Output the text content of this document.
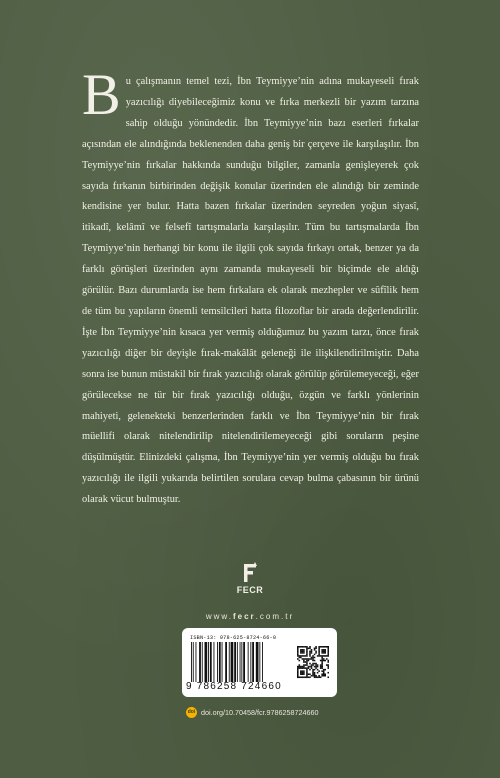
Bu çalışmanın temel tezi, İbn Teymiyye’nin adına mukayeseli fırak yazıcılığı diyebileceğimiz konu ve fırka merkezli bir yazım tarzına sahip olduğu yönündedir. İbn Teymiyye’nin bazı eserleri fırkalar açısından ele alındığında beklenenden daha geniş bir çerçeve ile karşılaşılır. İbn Teymiyye’nin fırkalar hakkında sunduğu bilgiler, zamanla genişleyerek çok sayıda fırkanın birbirinden değişik konular üzerinden ele alındığı bir zeminde kendisine yer bulur. Hatta bazen fırkalar üzerinden seyreden yoğun siyasî, itikadî, kelâmî ve felsefî tartışmalarla karşılaşılır. Tüm bu tartışmalarda İbn Teymiyye’nin herhangi bir konu ile ilgili çok sayıda fırkayı ortak, benzer ya da farklı görüşleri üzerinden aynı zamanda mukayeseli bir biçimde ele aldığı görülür. Bazı durumlarda ise hem fırkalara ek olarak mezhepler ve sûfîlik hem de tüm bu yapıların önemli temsilcileri hatta filozoflar bir arada değerlendirilir. İşte İbn Teymiyye’nin kısaca yer vermiş olduğumuz bu yazım tarzı, önce fırak yazıcılığı diğer bir deyişle fırak-makâlât geleneği ile ilişkilendirilmiştir. Daha sonra ise bunun müstakil bir fırak yazıcılığı olarak görülüp görülemeyeceği, eğer görülecekse ne tür bir fırak yazıcılığı olduğu, özgün ve farklı yönlerinin mahiyeti, gelenekteki benzerlerinden farklı ve İbn Teymiyye’nin bir fırak müellifi olarak nitelendirilip nitelendirilemeyeceği gibi soruların peşine düşülmüştür. Elinizdeki çalışma, İbn Teymiyye’nin yer vermiş olduğu bu fırak yazıcılığı ile ilgili yukarıda belirtilen sorulara cevap bulma çabasının bir ürünü olarak vücut bulmuştur.

FECR
www.fecr.com.tr
ISBN-13: 978-625-8724-66-0
9 786258 724660
doi doi.org/10.70458/fcr.9786258724660
